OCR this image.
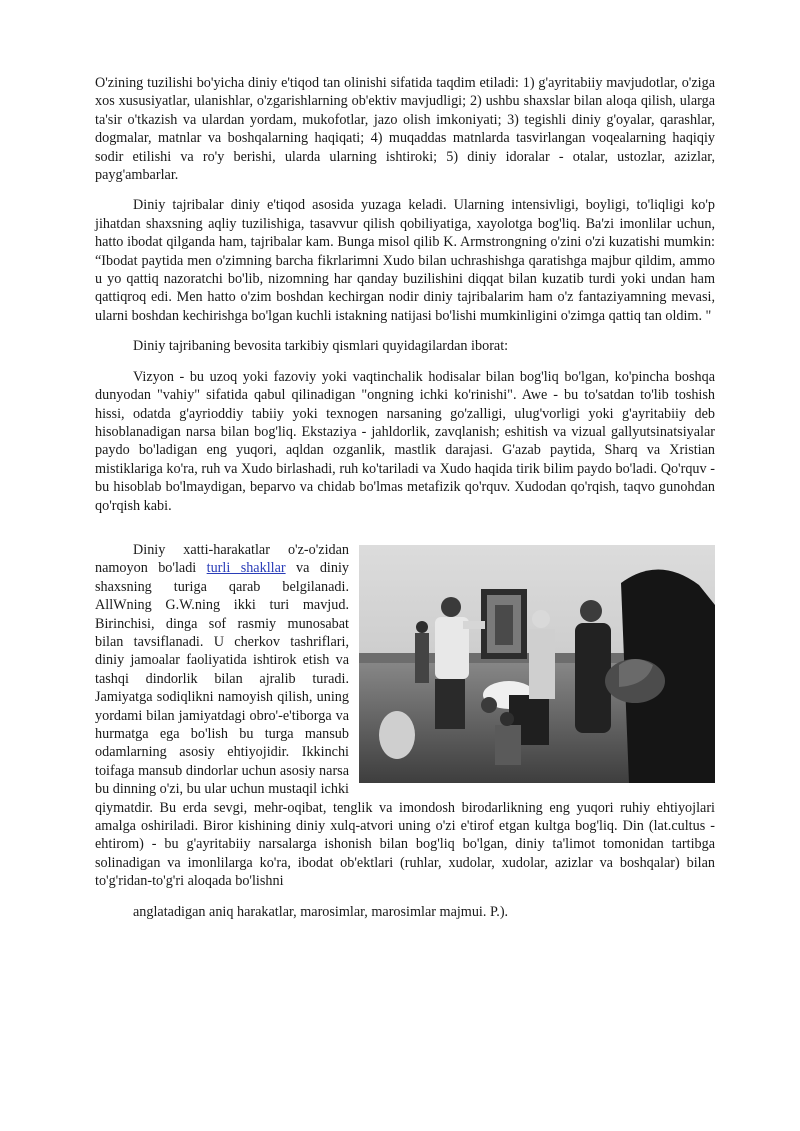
O'zining tuzilishi bo'yicha diniy e'tiqod tan olinishi sifatida taqdim etiladi: 1) g'ayritabiiy mavjudotlar, o'ziga xos xususiyatlar, ulanishlar, o'zgarishlarning ob'ektiv mavjudligi; 2) ushbu shaxslar bilan aloqa qilish, ularga ta'sir o'tkazish va ulardan yordam, mukofotlar, jazo olish imkoniyati; 3) tegishli diniy g'oyalar, qarashlar, dogmalar, matnlar va boshqalarning haqiqati; 4) muqaddas matnlarda tasvirlangan voqealarning haqiqiy sodir etilishi va ro'y berishi, ularda ularning ishtiroki; 5) diniy idoralar - otalar, ustozlar, azizlar, payg'ambarlar.

Diniy tajribalar diniy e'tiqod asosida yuzaga keladi. Ularning intensivligi, boyligi, to'liqligi ko'p jihatdan shaxsning aqliy tuzilishiga, tasavvur qilish qobiliyatiga, xayolotga bog'liq. Ba'zi imonlilar uchun, hatto ibodat qilganda ham, tajribalar kam. Bunga misol qilib K. Armstrongning o'zini o'zi kuzatishi mumkin: “Ibodat paytida men o'zimning barcha fikrlarimni Xudo bilan uchrashishga qaratishga majbur qildim, ammo u yo qattiq nazoratchi bo'lib, nizomning har qanday buzilishini diqqat bilan kuzatib turdi yoki undan ham qattiqroq edi. Men hatto o'zim boshdan kechirgan nodir diniy tajribalarim ham o'z fantaziyamning mevasi, ularni boshdan kechirishga bo'lgan kuchli istakning natijasi bo'lishi mumkinligini o'zimga qattiq tan oldim. "

Diniy tajribaning bevosita tarkibiy qismlari quyidagilardan iborat:

Vizyon - bu uzoq yoki fazoviy yoki vaqtinchalik hodisalar bilan bog'liq bo'lgan, ko'pincha boshqa dunyodan "vahiy" sifatida qabul qilinadigan "ongning ichki ko'rinishi". Awe - bu to'satdan to'lib toshish hissi, odatda g'ayrioddiy tabiiy yoki texnogen narsaning go'zalligi, ulug'vorligi yoki g'ayritabiiy deb hisoblanadigan narsa bilan bog'liq. Ekstaziya - jahldorlik, zavqlanish; eshitish va vizual gallyutsinatsiyalar paydo bo'ladigan eng yuqori, aqldan ozganlik, mastlik darajasi. G'azab paytida, Sharq va Xristian mistiklariga ko'ra, ruh va Xudo birlashadi, ruh ko'tariladi va Xudo haqida tirik bilim paydo bo'ladi. Qo'rquv - bu hisoblab bo'lmaydigan, beparvo va chidab bo'lmas metafizik qo'rquv. Xudodan qo'rqish, taqvo gunohdan qo'rqish kabi.

Diniy xatti-harakatlar o'z-o'zidan namoyon bo'ladi turli shakllar va diniy shaxsning turiga qarab belgilanadi. AllWning G.W.ning ikki turi mavjud. Birinchisi, dinga sof rasmiy munosabat bilan tavsiflanadi. U cherkov tashriflari, diniy jamoalar faoliyatida ishtirok etish va tashqi dindorlik bilan ajralib turadi. Jamiyatga sodiqlikni namoyish qilish, uning yordami bilan jamiyatdagi obro'-e'tiborga va hurmatga ega bo'lish bu turga mansub odamlarning asosiy ehtiyojidir. Ikkinchi toifaga mansub dindorlar uchun asosiy narsa bu dinning o'zi, bu ular uchun mustaqil ichki qiymatdir. Bu erda sevgi, mehr-oqibat, tenglik va imondosh birodarlikning eng yuqori ruhiy ehtiyojlari amalga oshiriladi. Biror kishining diniy xulq-atvori uning o'zi e'tirof etgan kultga bog'liq. Din (lat.cultus - ehtirom) - bu g'ayritabiiy narsalarga ishonish bilan bog'liq bo'lgan, diniy ta'limot tomonidan tartibga solinadigan va imonlilarga ko'ra, ibodat ob'ektlari (ruhlar, xudolar, xudolar, azizlar va boshqalar) bilan to'g'ridan-to'g'ri aloqada bo'lishni

anglatadigan aniq harakatlar, marosimlar, marosimlar majmui. P.).
